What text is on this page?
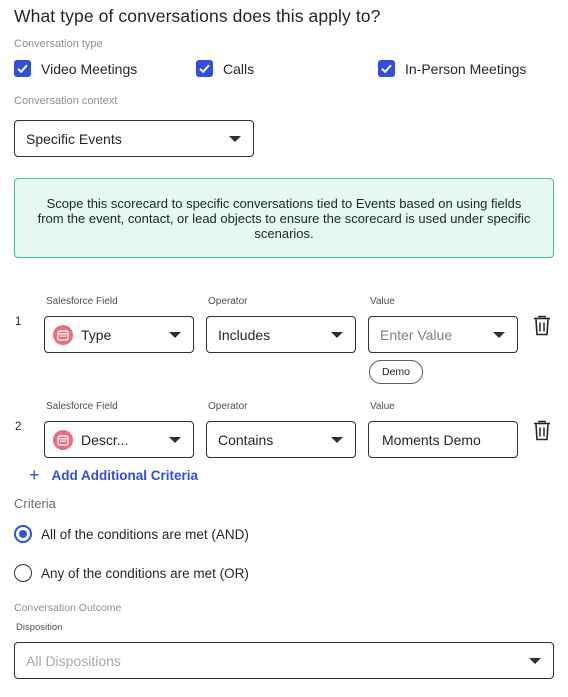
What type of conversations does this apply to?
Conversation type
Video Meetings	Calls	In-Person Meetings
Conversation context
Specific Events
Scope this scorecard to specific conversations tied to Events based on using fields from the event, contact, or lead objects to ensure the scorecard is used under specific scenarios.
1
Salesforce Field
Type
Operator
Includes
Value
Enter Value
Demo
2
Salesforce Field
Descr...
Operator
Contains
Value
Moments Demo
+ Add Additional Criteria
Criteria
All of the conditions are met (AND)
Any of the conditions are met (OR)
Conversation Outcome
Disposition
All Dispositions
